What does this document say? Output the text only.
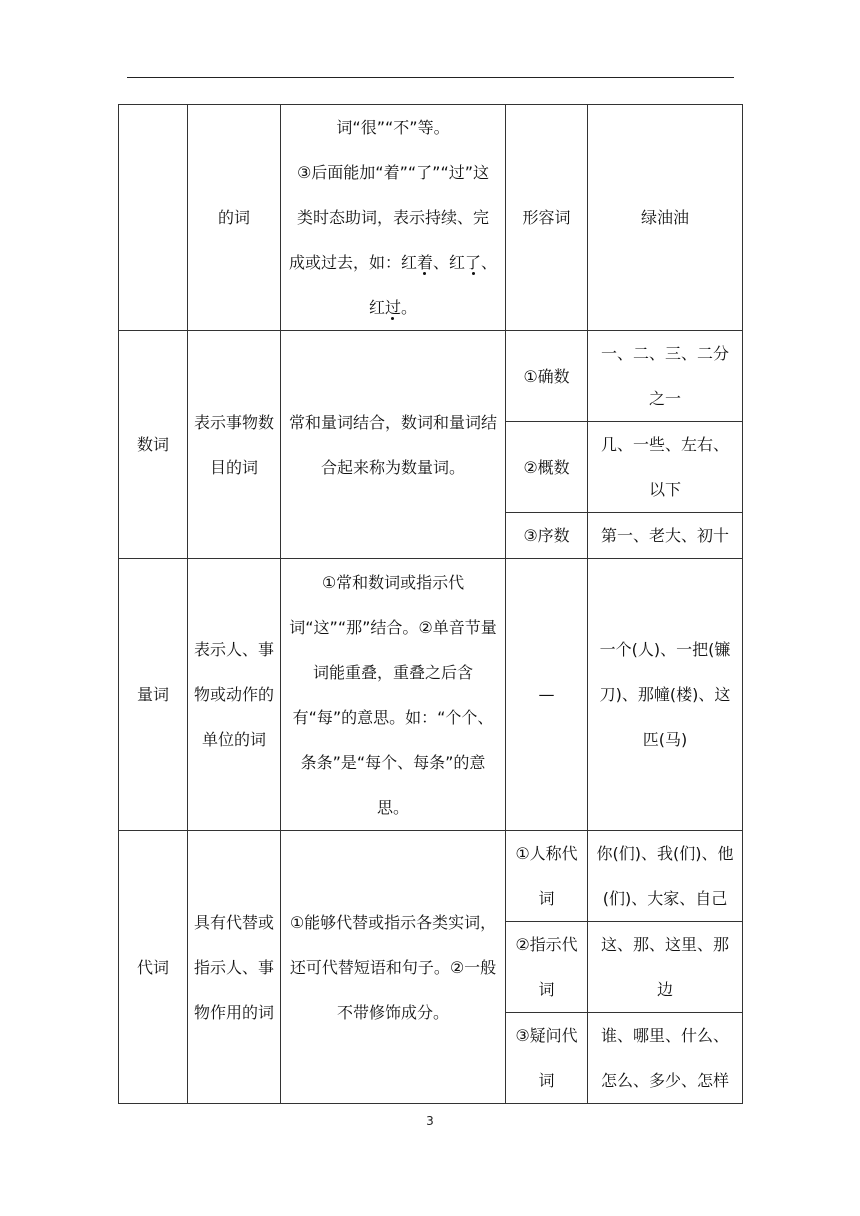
	的词	词“很”“不”等。
③后面能加“着”“了”“过”这
类时态助词，表示持续、完
成或过去，如：红着、红了、
红过。	形容词	绿油油
数词	表示事物数目的词	常和量词结合，数词和量词结合起来称为数量词。	①确数	一、二、三、二分之一
			②概数	几、一些、左右、以下
			③序数	第一、老大、初十
量词	表示人、事物或动作的单位的词	①常和数词或指示代词“这”“那”结合。②单音节量词能重叠，重叠之后含有“每”的意思。如：“个个、条条”是“每个、每条”的意思。	—	一个(人)、一把(镰刀)、那幢(楼)、这匹(马)
代词	具有代替或指示人、事物作用的词	①能够代替或指示各类实词，还可代替短语和句子。②一般不带修饰成分。	①人称代词	你(们)、我(们)、他(们)、大家、自己
			②指示代词	这、那、这里、那边
			③疑问代词	谁、哪里、什么、怎么、多少、怎样
3
